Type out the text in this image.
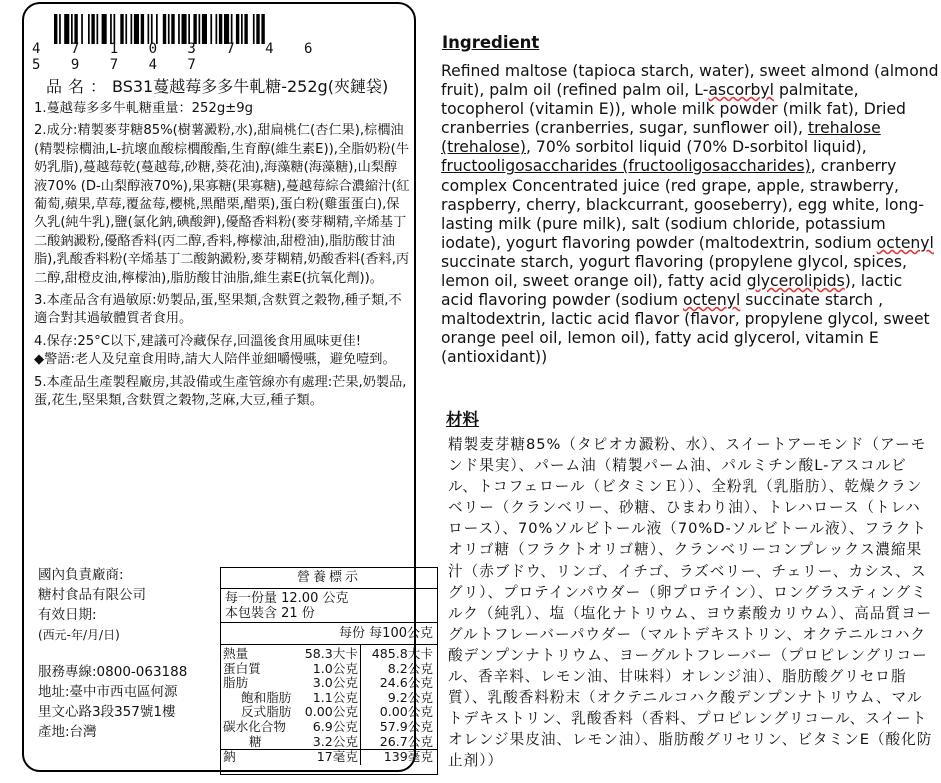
4 7 1 0 3 7 4 6 5 9 7 4 7
品名：BS31蔓越莓多多牛軋糖-252g(夾鏈袋)

1.蔓越莓多多牛軋糖重量：252g±9g

2.成分:精製麥芽糖85%(樹薯澱粉,水),甜扁桃仁(杏仁果),棕櫚油(精製棕櫚油,L-抗壞血酸棕櫚酸酯,生育醇(維生素E)),全脂奶粉(牛奶乳脂),蔓越莓乾(蔓越莓,砂糖,葵花油),海藻糖(海藻糖),山梨醇液70% (D-山梨醇液70%),果寡糖(果寡糖),蔓越莓綜合濃縮汁(紅葡萄,蘋果,草莓,覆盆莓,櫻桃,黑醋栗,醋栗),蛋白粉(雞蛋蛋白),保久乳(純牛乳),鹽(氯化鈉,碘酸鉀),優酪香料粉(麥芽糊精,辛烯基丁二酸鈉澱粉,優酪香料(丙二醇,香料,檸檬油,甜橙油),脂肪酸甘油脂),乳酸香料粉(辛烯基丁二酸鈉澱粉,麥芽糊精,奶酸香料(香料,丙二醇,甜橙皮油,檸檬油),脂肪酸甘油脂,維生素E(抗氧化劑))。

3.本產品含有過敏原:奶製品,蛋,堅果類,含麩質之穀物,種子類,不適合對其過敏體質者食用。

4.保存:25°C以下,建議可冷藏保存,回溫後食用風味更佳!

◆警語:老人及兒童食用時,請大人陪伴並細嚼慢嚥，避免噎到。

5.本產品生產製程廠房,其設備或生產管線亦有處理:芒果,奶製品,蛋,花生,堅果類,含麩質之穀物,芝麻,大豆,種子類。

國內負責廠商:
糖村食品有限公司
有效日期:
(西元-年/月/日)
服務專線:0800-063188
地址:臺中市西屯區何源
里文心路3段357號1樓
產地:台灣
營養標示
每一份量 12.00 公克
本包裝含 21 份
每份 每100公克
熱量	58.3大卡	485.8大卡
蛋白質	1.0公克	8.2公克
脂肪	3.0公克	24.6公克
飽和脂肪	1.1公克	9.2公克
反式脂肪	0.00公克	0.00公克
碳水化合物	6.9公克	57.9公克
糖	3.2公克	26.7公克
鈉	17毫克	139毫克
Ingredient
Refined maltose (tapioca starch, water), sweet almond (almond fruit), palm oil (refined palm oil, L-ascorbyl palmitate, tocopherol (vitamin E)), whole milk powder (milk fat), Dried cranberries (cranberries, sugar, sunflower oil), trehalose (trehalose), 70% sorbitol liquid (70% D-sorbitol liquid), fructooligosaccharides (fructooligosaccharides), cranberry complex Concentrated juice (red grape, apple, strawberry, raspberry, cherry, blackcurrant, gooseberry), egg white, long-lasting milk (pure milk), salt (sodium chloride, potassium iodate), yogurt flavoring powder (maltodextrin, sodium octenyl succinate starch, yogurt flavoring (propylene glycol, spices, lemon oil, sweet orange oil), fatty acid glycerolipids), lactic acid flavoring powder (sodium octenyl succinate starch , maltodextrin, lactic acid flavor (flavor, propylene glycol, sweet orange peel oil, lemon oil), fatty acid glycerol, vitamin E (antioxidant))
材料
精製麦芽糖85%（タピオカ澱粉、水）、スイートアーモンド（アーモンド果実）、パーム油（精製パーム油、パルミチン酸L-アスコルビル、トコフェロール（ビタミンＥ））、全粉乳（乳脂肪）、乾燥クランベリー（クランベリー、砂糖、ひまわり油）、トレハロース（トレハロース）、70%ソルビトール液（70%D-ソルビトール液）、フラクトオリゴ糖（フラクトオリゴ糖）、クランベリーコンプレックス濃縮果汁（赤ブドウ、リンゴ、イチゴ、ラズベリー、チェリー、カシス、スグリ）、プロテインパウダー（卵プロテイン）、ロングラスティングミルク（純乳）、塩（塩化ナトリウム、ヨウ素酸カリウム）、高品質ヨーグルトフレーバーパウダー（マルトデキストリン、オクテニルコハク酸デンプンナトリウム、ヨーグルトフレーバー（プロピレングリコール、香辛料、レモン油、甘味料）オレンジ油）、脂肪酸グリセロ脂質）、乳酸香料粉末（オクテニルコハク酸デンプンナトリウム、マルトデキストリン、乳酸香料（香料、プロピレングリコール、スイートオレンジ果皮油、レモン油）、脂肪酸グリセリン、ビタミンE（酸化防止剤））
